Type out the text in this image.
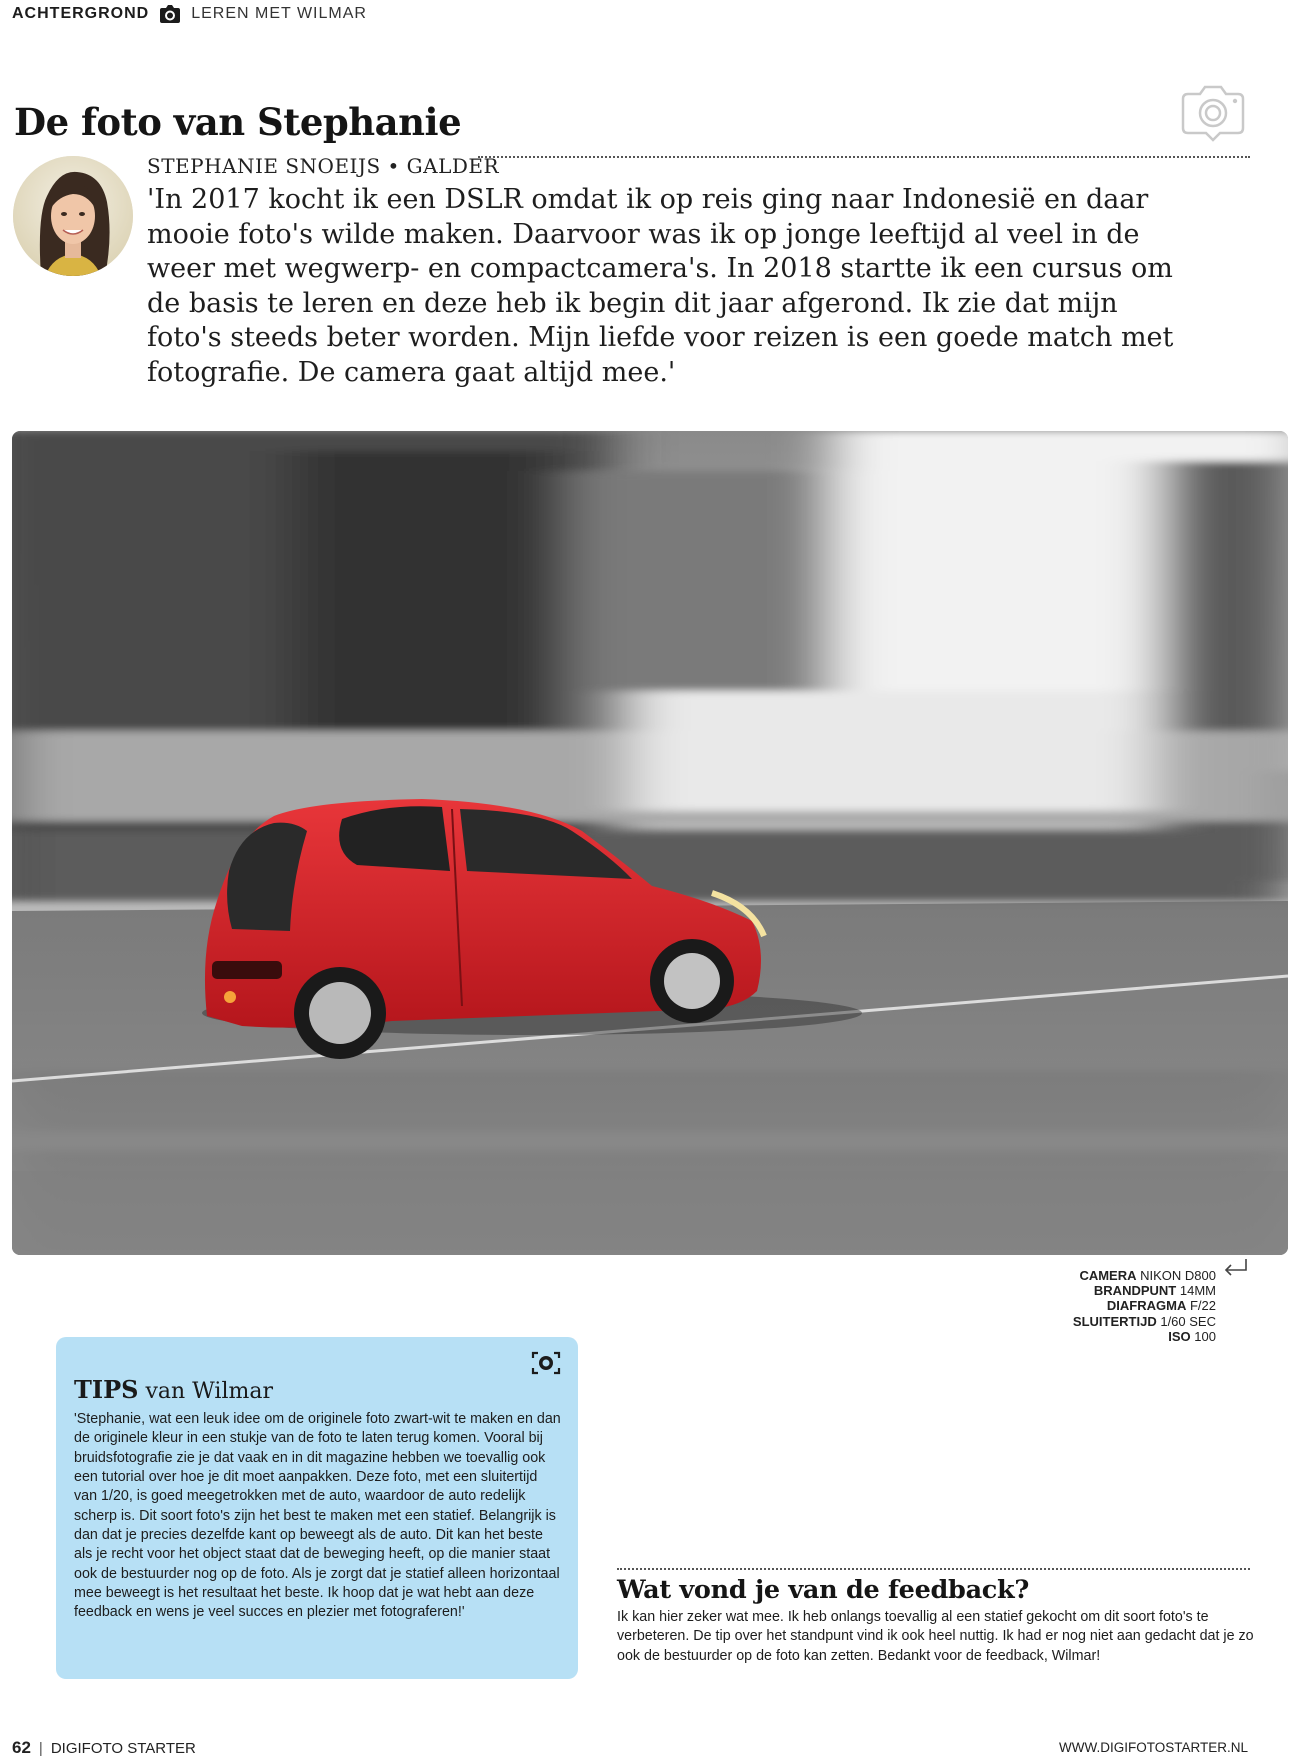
ACHTERGROND	LEREN MET WILMAR
De foto van Stephanie
STEPHANIE SNOEIJS • GALDER
'In 2017 kocht ik een DSLR omdat ik op reis ging naar Indonesië en daar mooie foto's wilde maken. Daarvoor was ik op jonge leeftijd al veel in de weer met wegwerp- en compactcamera's. In 2018 startte ik een cursus om de basis te leren en deze heb ik begin dit jaar afgerond. Ik zie dat mijn foto's steeds beter worden. Mijn liefde voor reizen is een goede match met fotografie. De camera gaat altijd mee.'
CAMERA NIKON D800
BRANDPUNT 14MM
DIAFRAGMA F/22
SLUITERTIJD 1/60 SEC
ISO 100
TIPS van Wilmar
'Stephanie, wat een leuk idee om de originele foto zwart-wit te maken en dan de originele kleur in een stukje van de foto te laten terug komen. Vooral bij bruidsfotografie zie je dat vaak en in dit magazine hebben we toevallig ook een tutorial over hoe je dit moet aanpakken. Deze foto, met een sluitertijd van 1/20, is goed meegetrokken met de auto, waardoor de auto redelijk scherp is. Dit soort foto's zijn het best te maken met een statief. Belangrijk is dan dat je precies dezelfde kant op beweegt als de auto. Dit kan het beste als je recht voor het object staat dat de beweging heeft, op die manier staat ook de bestuurder nog op de foto. Als je zorgt dat je statief alleen horizontaal mee beweegt is het resultaat het beste. Ik hoop dat je wat hebt aan deze feedback en wens je veel succes en plezier met fotograferen!'
Wat vond je van de feedback?
Ik kan hier zeker wat mee. Ik heb onlangs toevallig al een statief gekocht om dit soort foto's te verbeteren. De tip over het standpunt vind ik ook heel nuttig. Ik had er nog niet aan gedacht dat je zo ook de bestuurder op de foto kan zetten. Bedankt voor de feedback, Wilmar!
62 | DIGIFOTO STARTER	WWW.DIGIFOTOSTARTER.NL
